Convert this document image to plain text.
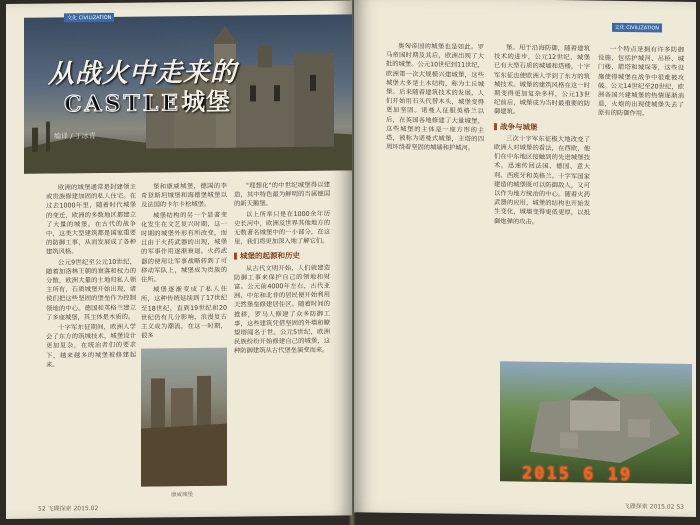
从战火中走来的
CASTLE城堡
编译 / 丁冰青
文化 CIVILIZATION

欧洲的城堡通常是封建领主或贵族修建加固的私人住宅。在过去1000年里，随着时代城堡的变迁，欧洲的多数地区都建立了大量的城堡。在古代的战争中，这类大型建筑都是国家重要的防御工事，从而发展成了各种建筑风格。

公元9世纪至公元10世纪，随着加洛林王朝的衰落和权力的分散，欧洲大量的土地归私人领主所有，石质城堡开始出现，诸侯们把这些坚固的堡垒作为控制领地的中心。德国和英格兰建立了多座城堡，其主体是木质的。

十字军东征期间，欧洲人学会了东方的筑城技术，城堡设计更加复杂，在统治者们的要求下，越来越多的城堡被修建起来。

堡和康威城堡，德国的李奇登斯坦城堡和海德堡城堡以及法国的卡尔卡松城堡。

城堡结构的另一个显著变化发生在文艺复兴时期，这一时期的城堡外形有所改变，而且由于火药武器的出现，城堡的军事作用逐渐衰退。火药武器的使用让军事战略转到了可移动军队上，城堡成为贵族的住所。

城堡逐渐变成了私人住所，这种传统延续到了17世纪至18世纪，直到19世纪和20世纪仍有几分影响，浪漫复古主义成为潮流，在这一时期，很多

"理想化"的中世纪城堡得以建造，其中特色最为鲜明的当属德国的新天鹅堡。

以上所举只是在1000余年历史长河中，欧洲及世界其他地方的无数著名城堡中的一小部分，在这里，我们将更加深入地了解它们。

城堡的起源和历史

从古代文明开始，人们就建造防御工事来保护自己的领地和财富。公元前4000年左右，古代亚洲、中东和北非的居民便开始利用天然堡垒修建居住区。随着时间的推移，罗马人修建了众多防御工事，这些建筑凭借坚固的外墙和瞭望塔闻名于世。公元5世纪，欧洲民族纷纷开始修建自己的城堡，这种防御建筑从古代堡垒演变而来。

康威城堡
52 飞碟探索 2015.02
文化 CIVILIZATION

奥匈帝国的城堡也是如此。罗马帝国时期及其后，欧洲出现了大批的城堡。公元10世纪到11世纪，欧洲第一次大规模兴建城堡，这些城堡大多是土木结构，称为土丘城堡。后来随着建筑技术的发展，人们开始用石头代替木头，城堡变得更加坚固。诺曼人征服英格兰以后，在英国各地修建了大量城堡，这些城堡的主体是一座方形的主塔，被称为诺曼式城堡，主塔的四周环绕着坚固的城墙和护城河。

堡。用于沿海防御，随着建筑技术的进步，公元12世纪，城堡已有大型石质的城墙和塔楼，十字军东征也使欧洲人学到了东方的筑城技术。城堡的建筑风格在这一时期变得更加复杂多样，公元13世纪前后，城堡成为当时最重要的防御建筑。

战争与城堡

三次十字军东征极大地改变了欧洲人对城堡的看法，在西欧，他们在中东地区接触到的先进城堡技术，迅速传回法国、德国、意大利、西班牙和英格兰。十字军国家建造的城堡既可以防御敌人，又可以作为地方统治的中心。随着火药武器的应用，城堡的结构也开始发生变化，城墙变得更低更厚，以抵御炮弹的攻击。

一个特点是拥有许多防御设施，包括护城河、吊桥、城门楼、箭塔和城垛等，这些设施使得城堡在战争中很难被攻破。公元14世纪至20世纪，欧洲各国兴建城堡的热情逐渐消退，火炮的出现使城堡失去了原有的防御作用。

2015 6 19
飞碟探索 2015.02 53
